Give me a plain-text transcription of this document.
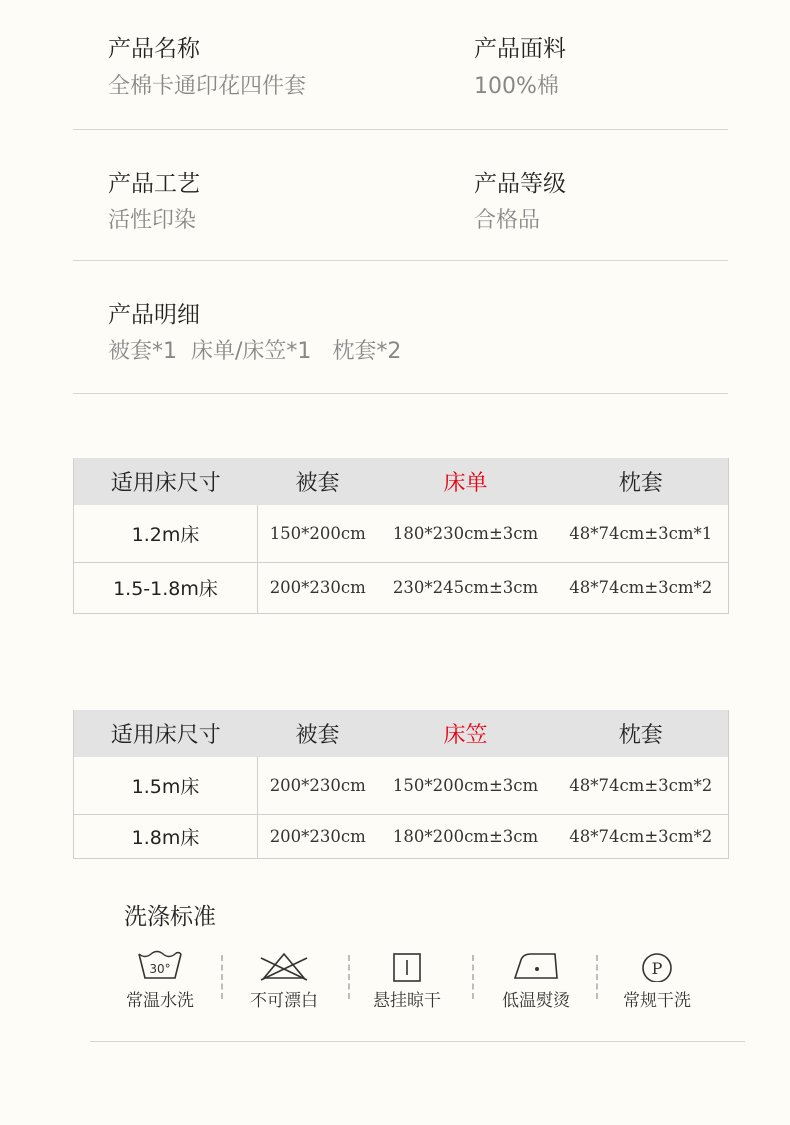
产品名称
全棉卡通印花四件套
产品面料
100%棉
产品工艺
活性印染
产品等级
合格品
产品明细
被套*1  床单/床笠*1   枕套*2
适用床尺寸	被套	床单	枕套
1.2m床	150*200cm	180*230cm±3cm	48*74cm±3cm*1
1.5-1.8m床	200*230cm	230*245cm±3cm	48*74cm±3cm*2
适用床尺寸	被套	床笠	枕套
1.5m床	200*230cm	150*200cm±3cm	48*74cm±3cm*2
1.8m床	200*230cm	180*200cm±3cm	48*74cm±3cm*2
洗涤标准
30°
常温水洗	不可漂白	悬挂晾干	低温熨烫
P
常规干洗
